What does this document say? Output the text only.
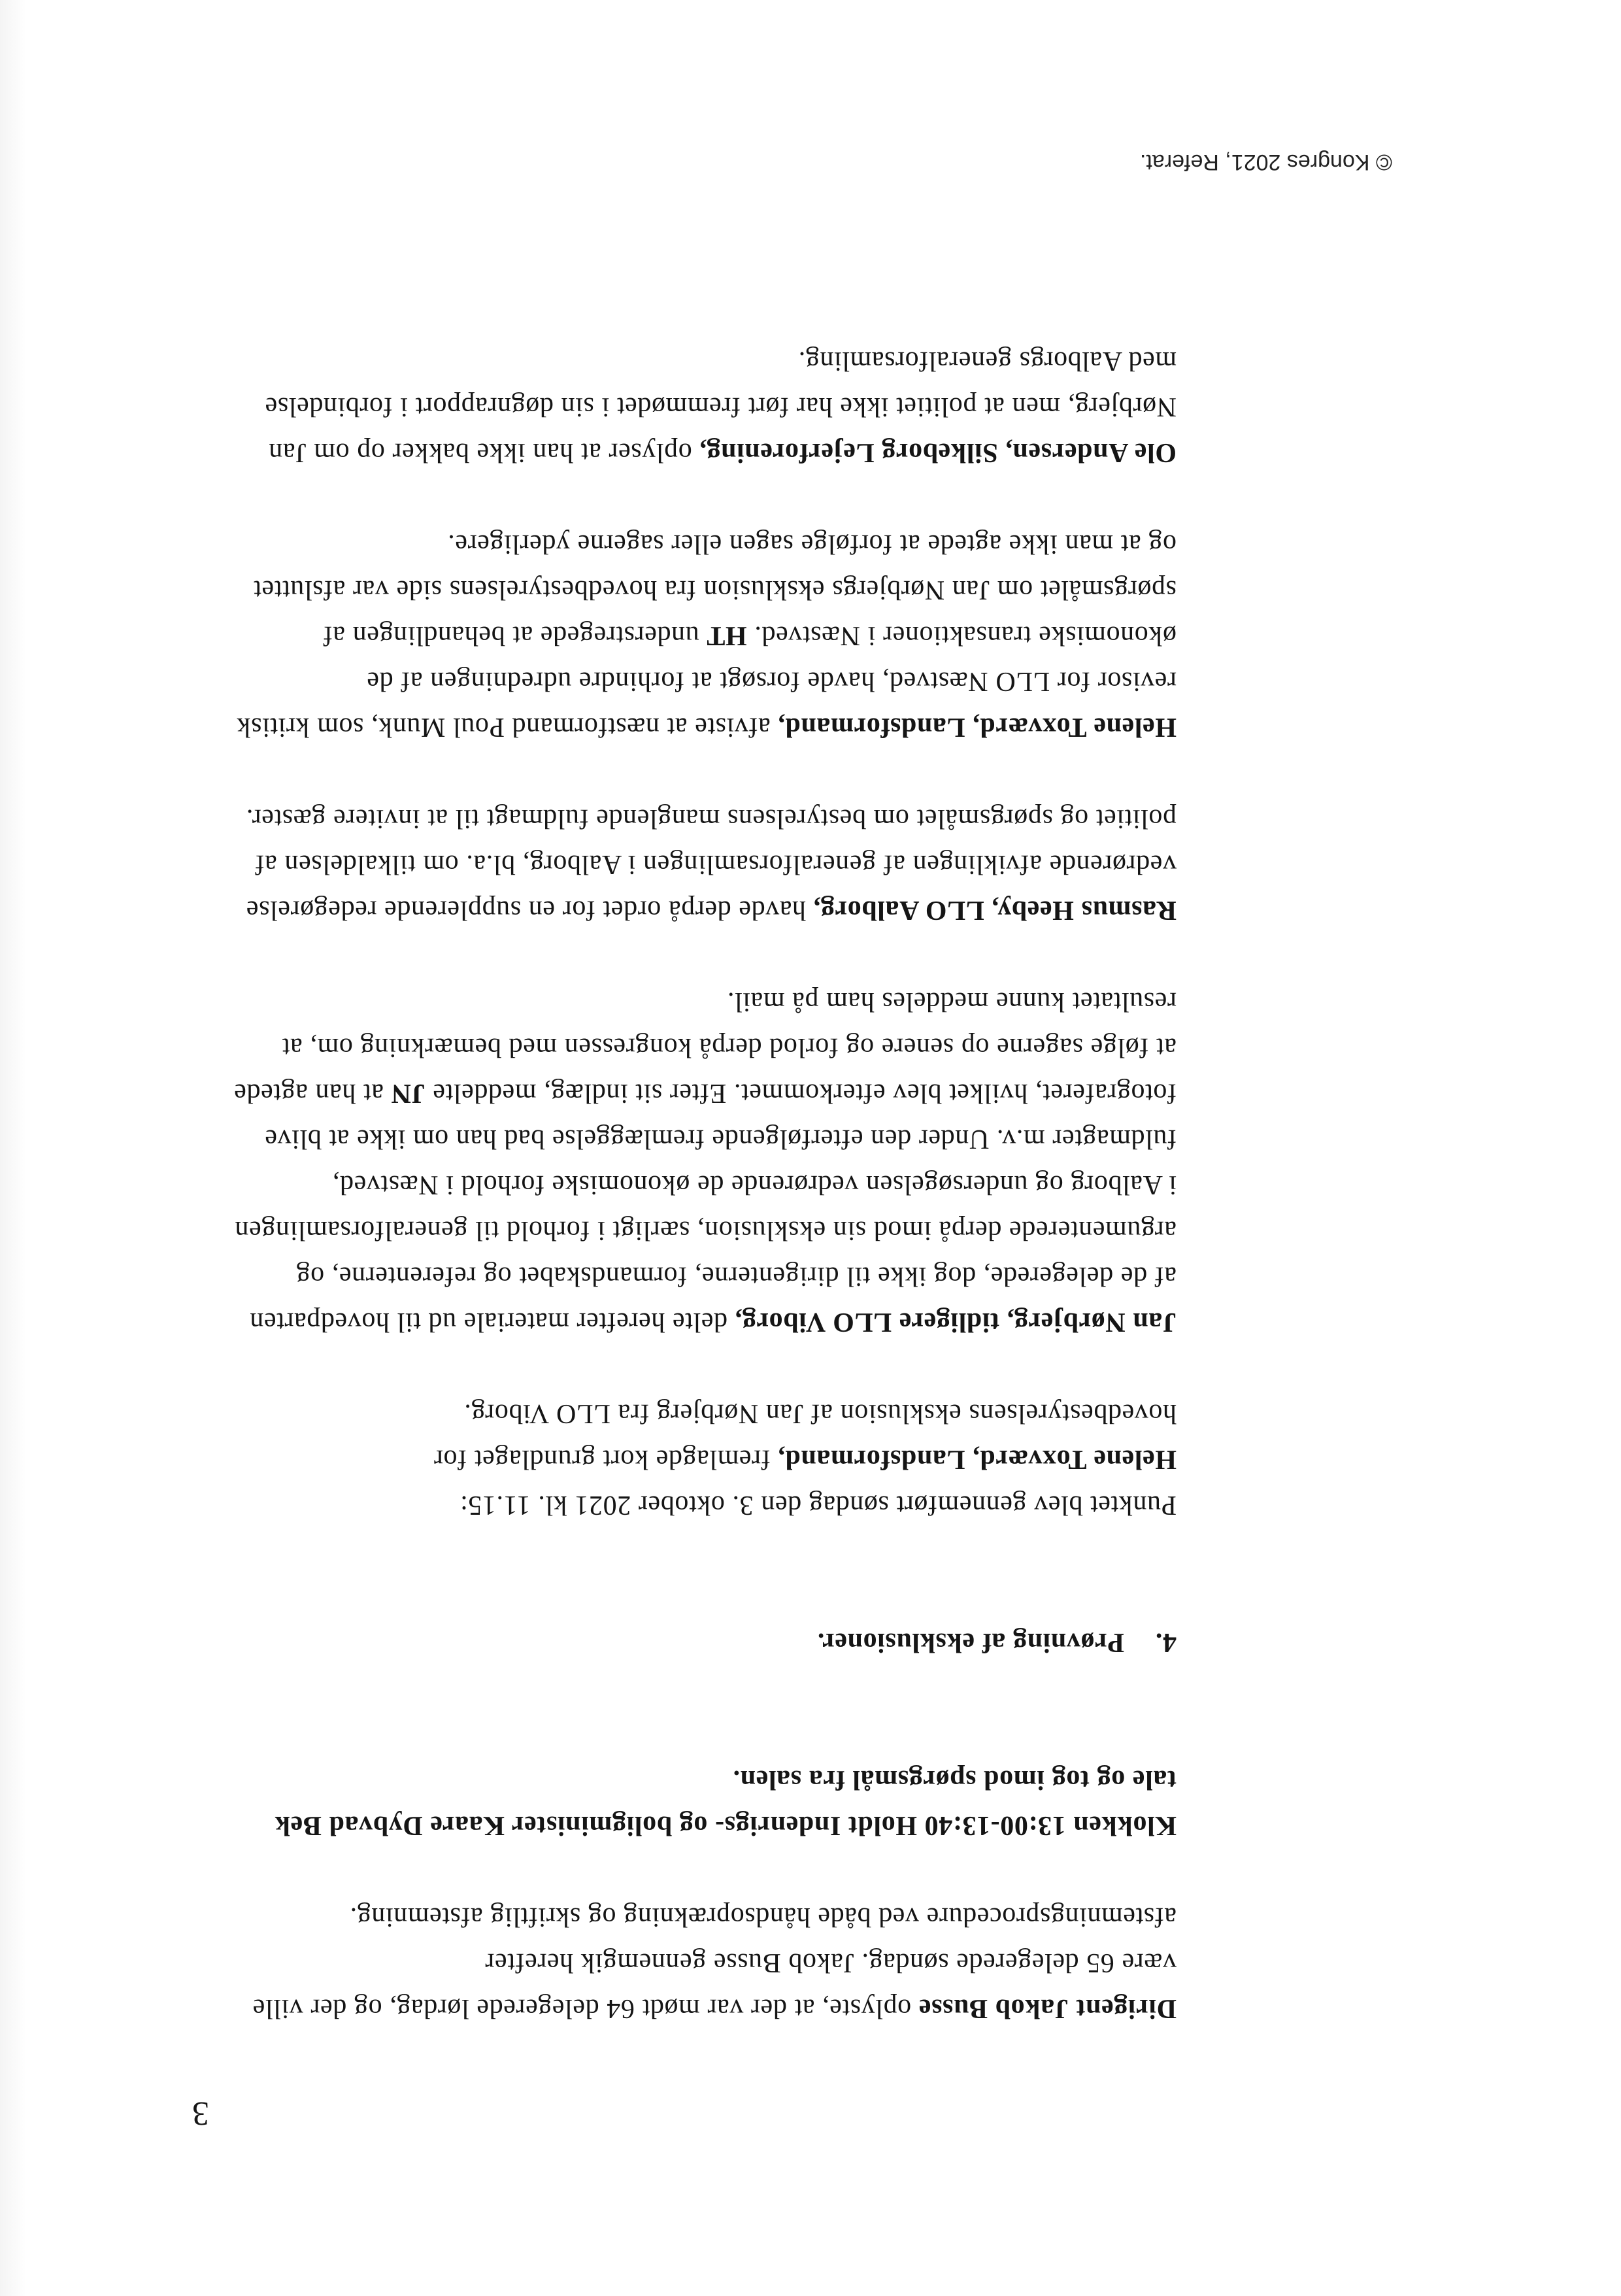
3

Dirigent Jakob Busse oplyste, at der var mødt 64 delegerede lørdag, og der ville være 65 delegerede søndag. Jakob Busse gennemgik herefter afstemningsprocedure ved både håndsoprækning og skriftlig afstemning.

Klokken 13:00-13:40 Holdt Indenrigs- og boligminister Kaare Dybvad Bek tale og tog imod spørgsmål fra salen.

4.Prøvning af eksklusioner.

Punktet blev gennemført søndag den 3. oktober 2021 kl. 11.15:

Helene Toxværd, Landsformand, fremlagde kort grundlaget for hovedbestyrelsens eksklusion af Jan Nørbjerg fra LLO Viborg.

Jan Nørbjerg, tidligere LLO Viborg, delte herefter materiale ud til hovedparten af de delegerede, dog ikke til dirigenterne, formandskabet og referenterne, og argumenterede derpå imod sin eksklusion, særligt i forhold til generalforsamlingen i Aalborg og undersøgelsen vedrørende de økonomiske forhold i Næstved, fuldmagter m.v. Under den efterfølgende fremlæggelse bad han om ikke at blive fotograferet, hvilket blev efterkommet. Efter sit indlæg, meddelte JN at han agtede at følge sagerne op senere og forlod derpå kongressen med bemærkning om, at resultatet kunne meddeles ham på mail.

Rasmus Heeby, LLO Aalborg, havde derpå ordet for en supplerende redegørelse vedrørende afviklingen af generalforsamlingen i Aalborg, bl.a. om tilkaldelsen af politiet og spørgsmålet om bestyrelsens manglende fuldmagt til at invitere gæster.

Helene Toxværd, Landsformand, afviste at næstformand Poul Munk, som kritisk revisor for LLO Næstved, havde forsøgt at forhindre udredningen af de økonomiske transaktioner i Næstved. HT understregede at behandlingen af spørgsmålet om Jan Nørbjergs eksklusion fra hovedbestyrelsens side var afsluttet og at man ikke agtede at forfølge sagen eller sagerne yderligere.

Ole Andersen, Silkeborg Lejerforening, oplyser at han ikke bakker op om Jan Nørbjerg, men at politiet ikke har ført fremmødet i sin døgnrapport i forbindelse med Aalborgs generalforsamling.

© Kongres 2021, Referat.
